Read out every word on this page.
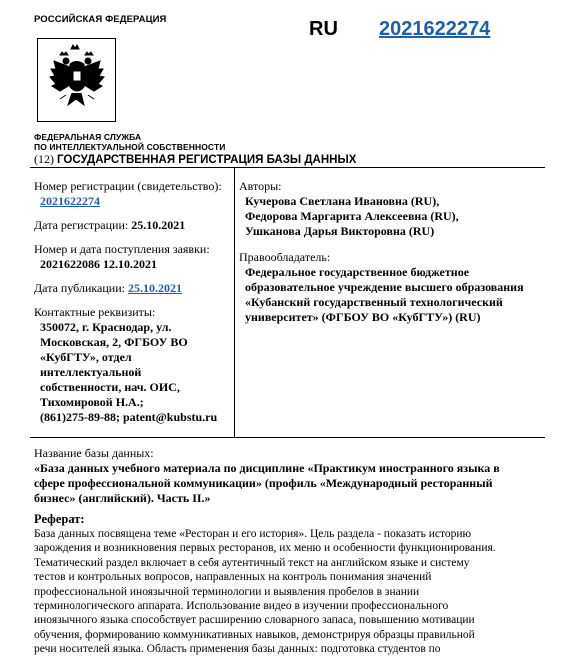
РОССИЙСКАЯ ФЕДЕРАЦИЯ	RU 2021622274
ФЕДЕРАЛЬНАЯ СЛУЖБА
ПО ИНТЕЛЛЕКТУАЛЬНОЙ СОБСТВЕННОСТИ
(12) ГОСУДАРСТВЕННАЯ РЕГИСТРАЦИЯ БАЗЫ ДАННЫХ
Номер регистрации (свидетельство):
2021622274
Дата регистрации: 25.10.2021
Номер и дата поступления заявки:
2021622086 12.10.2021
Дата публикации: 25.10.2021
Контактные реквизиты:
350072, г. Краснодар, ул.
Московская, 2, ФГБОУ ВО
«КубГТУ», отдел
интеллектуальной
собственности, нач. ОИС,
Тихомировой Н.А.;
(861)275-89-88; patent@kubstu.ru
Авторы:
Кучерова Светлана Ивановна (RU),
Федорова Маргарита Алексеевна (RU),
Ушканова Дарья Викторовна (RU)
Правообладатель:
Федеральное государственное бюджетное
образовательное учреждение высшего образования
«Кубанский государственный технологический
университет» (ФГБОУ ВО «КубГТУ») (RU)
Название базы данных:
«База данных учебного материала по дисциплине «Практикум иностранного языка в
сфере профессиональной коммуникации» (профиль «Международный ресторанный
бизнес» (английский). Часть II.»
Реферат:
База данных посвящена теме «Ресторан и его история». Цель раздела - показать историю
зарождения и возникновения первых ресторанов, их меню и особенности функционирования.
Тематический раздел включает в себя аутентичный текст на английском языке и систему
тестов и контрольных вопросов, направленных на контроль понимания значений
профессиональной иноязычной терминологии и выявления пробелов в знании
терминологического аппарата. Использование видео в изучении профессионального
иноязычного языка способствует расширению словарного запаса, повышению мотивации
обучения, формированию коммуникативных навыков, демонстрируя образцы правильной
речи носителей языка. Область применения базы данных: подготовка студентов по
